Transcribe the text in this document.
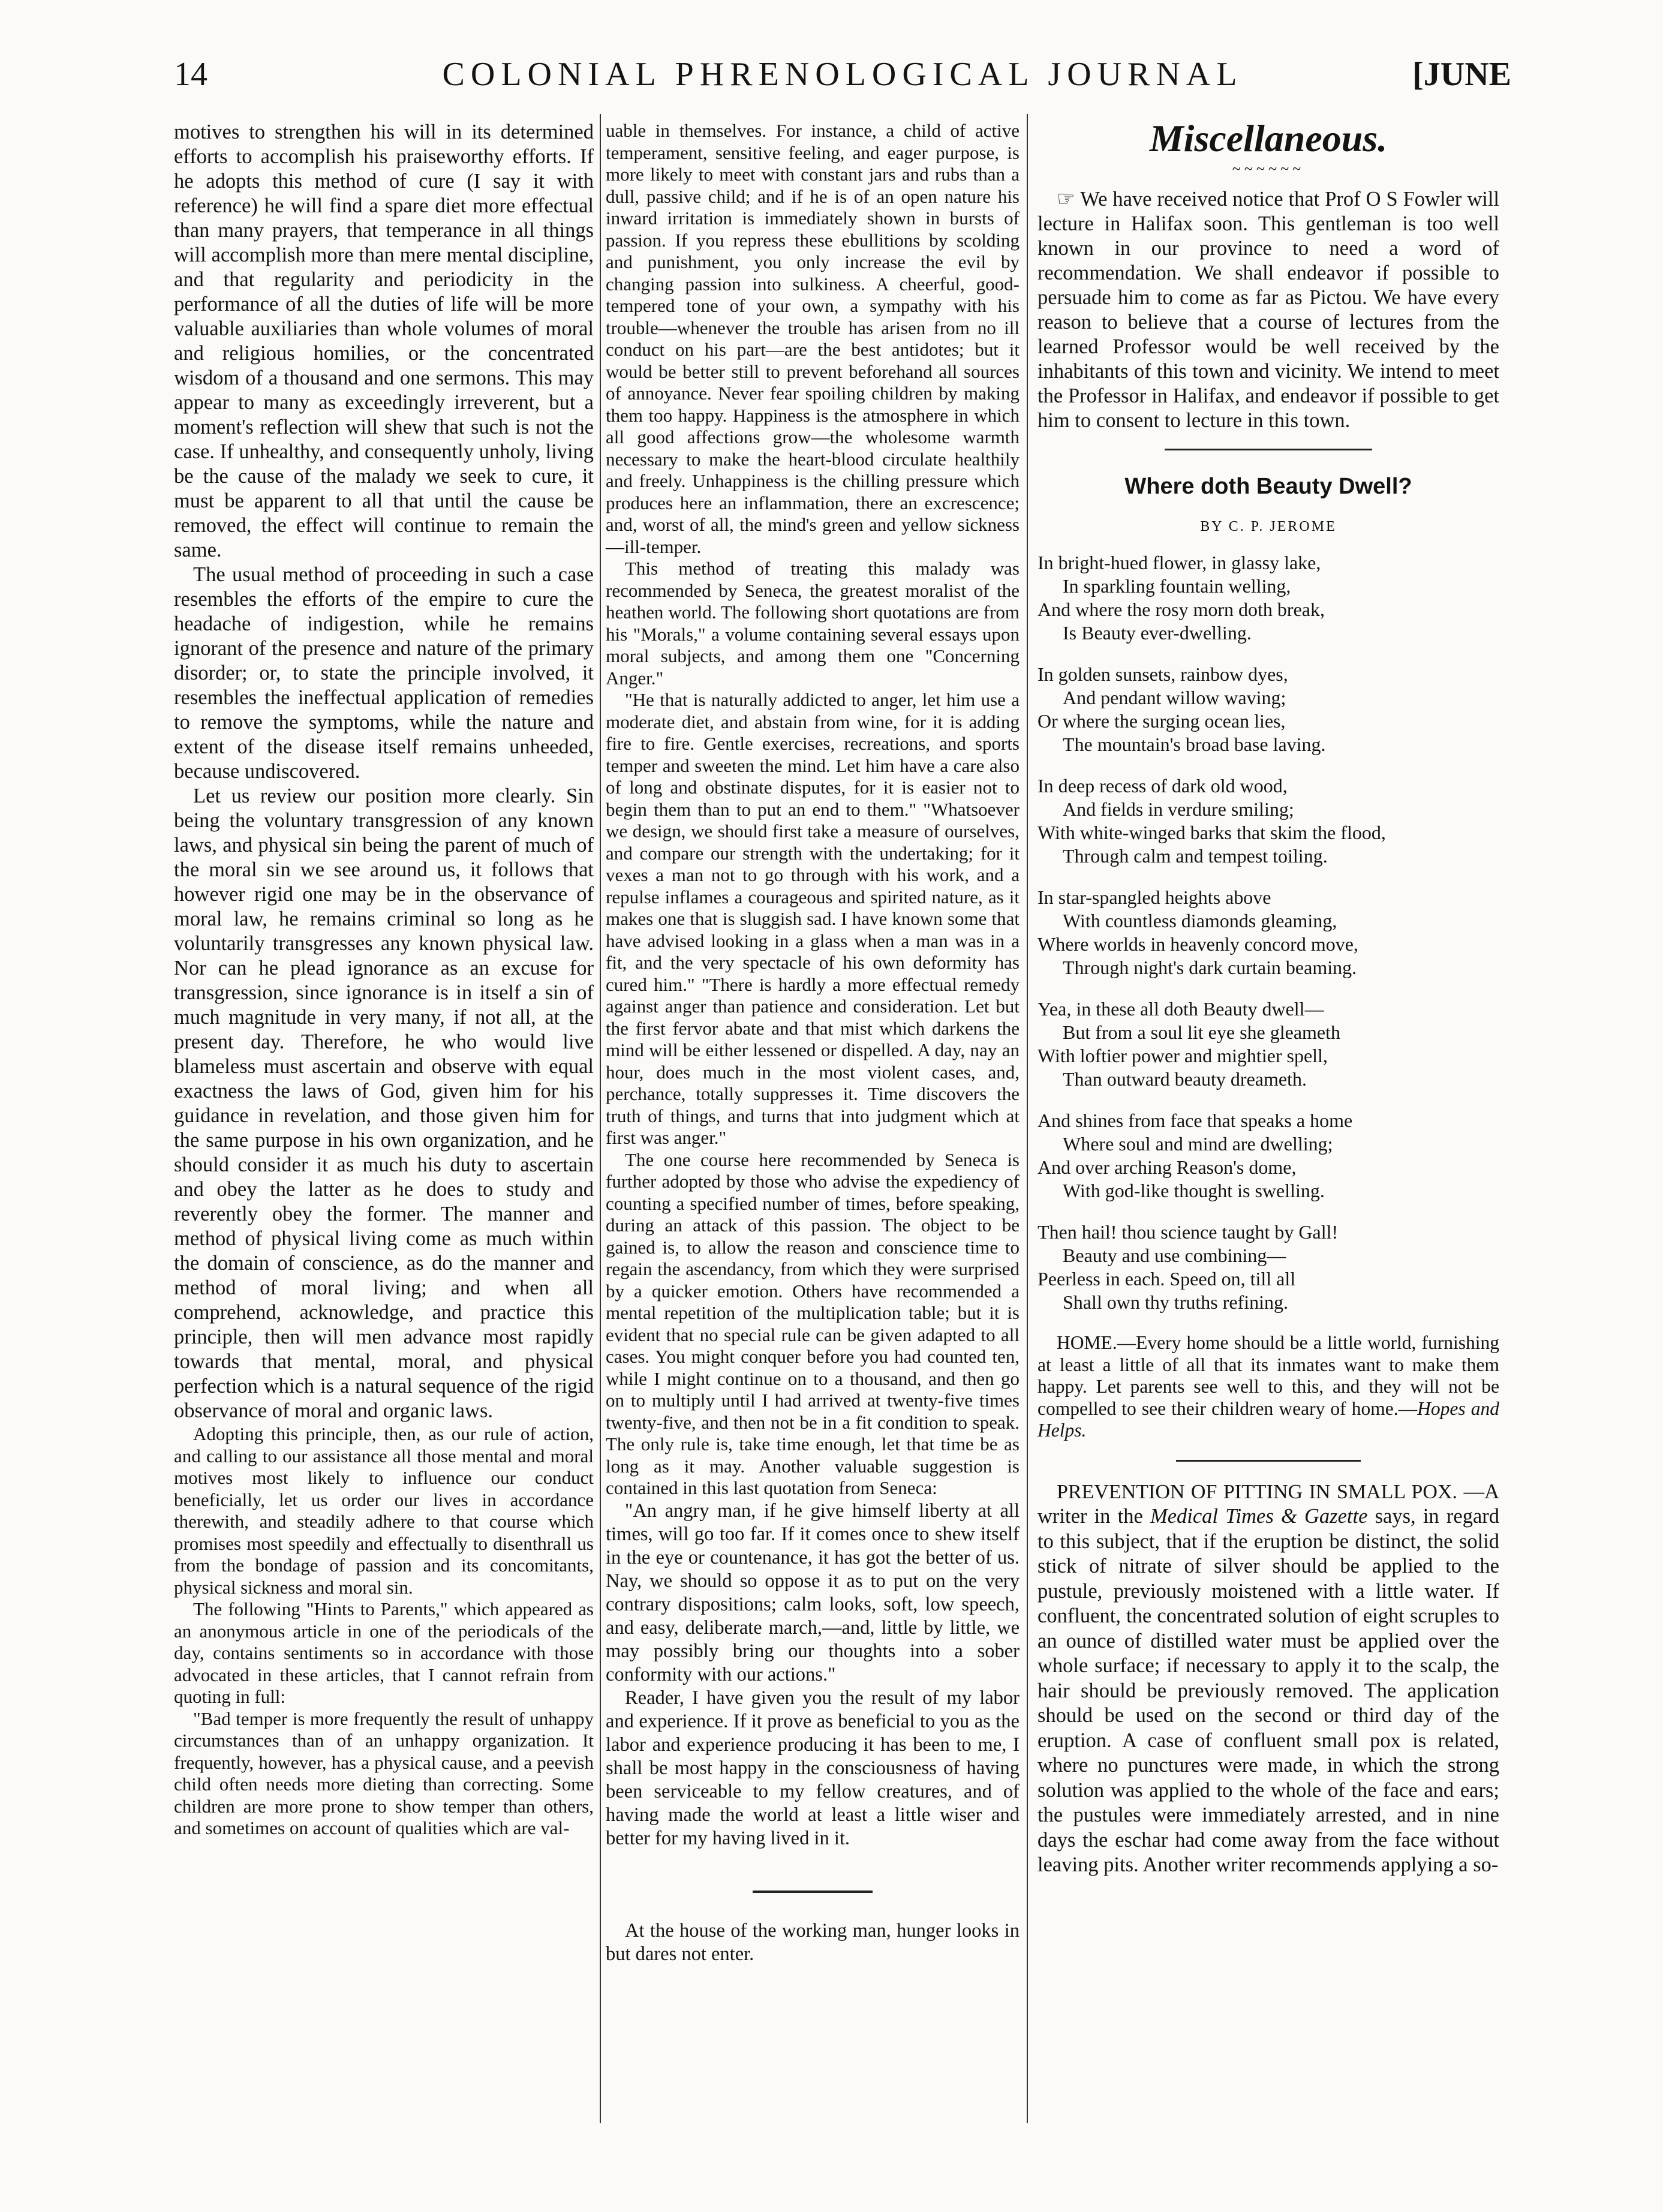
14	COLONIAL PHRENOLOGICAL JOURNAL	[JUNE

motives to strengthen his will in its determined efforts to accomplish his praiseworthy efforts. If he adopts this method of cure (I say it with reference) he will find a spare diet more effectual than many prayers, that temperance in all things will accomplish more than mere mental discipline, and that regularity and periodicity in the performance of all the duties of life will be more valuable auxiliaries than whole volumes of moral and religious homilies, or the concentrated wisdom of a thousand and one sermons. This may appear to many as exceedingly irreverent, but a moment's reflection will shew that such is not the case. If unhealthy, and consequently unholy, living be the cause of the malady we seek to cure, it must be apparent to all that until the cause be removed, the effect will continue to remain the same.

The usual method of proceeding in such a case resembles the efforts of the empire to cure the headache of indigestion, while he remains ignorant of the presence and nature of the primary disorder; or, to state the principle involved, it resembles the ineffectual application of remedies to remove the symptoms, while the nature and extent of the disease itself remains unheeded, because undiscovered.

Let us review our position more clearly. Sin being the voluntary transgression of any known laws, and physical sin being the parent of much of the moral sin we see around us, it follows that however rigid one may be in the observance of moral law, he remains criminal so long as he voluntarily transgresses any known physical law. Nor can he plead ignorance as an excuse for transgression, since ignorance is in itself a sin of much magnitude in very many, if not all, at the present day. Therefore, he who would live blameless must ascertain and observe with equal exactness the laws of God, given him for his guidance in revelation, and those given him for the same purpose in his own organization, and he should consider it as much his duty to ascertain and obey the latter as he does to study and reverently obey the former. The manner and method of physical living come as much within the domain of conscience, as do the manner and method of moral living; and when all comprehend, acknowledge, and practice this principle, then will men advance most rapidly towards that mental, moral, and physical perfection which is a natural sequence of the rigid observance of moral and organic laws.

Adopting this principle, then, as our rule of action, and calling to our assistance all those mental and moral motives most likely to influence our conduct beneficially, let us order our lives in accordance therewith, and steadily adhere to that course which promises most speedily and effectually to disenthrall us from the bondage of passion and its concomitants, physical sickness and moral sin.

The following "Hints to Parents," which appeared as an anonymous article in one of the periodicals of the day, contains sentiments so in accordance with those advocated in these articles, that I cannot refrain from quoting in full:

"Bad temper is more frequently the result of unhappy circumstances than of an unhappy organization. It frequently, however, has a physical cause, and a peevish child often needs more dieting than correcting. Some children are more prone to show temper than others, and sometimes on account of qualities which are val-

uable in themselves. For instance, a child of active temperament, sensitive feeling, and eager purpose, is more likely to meet with constant jars and rubs than a dull, passive child; and if he is of an open nature his inward irritation is immediately shown in bursts of passion. If you repress these ebullitions by scolding and punishment, you only increase the evil by changing passion into sulkiness. A cheerful, good-tempered tone of your own, a sympathy with his trouble—whenever the trouble has arisen from no ill conduct on his part—are the best antidotes; but it would be better still to prevent beforehand all sources of annoyance. Never fear spoiling children by making them too happy. Happiness is the atmosphere in which all good affections grow—the wholesome warmth necessary to make the heart-blood circulate healthily and freely. Unhappiness is the chilling pressure which produces here an inflammation, there an excrescence; and, worst of all, the mind's green and yellow sickness—ill-temper.

This method of treating this malady was recommended by Seneca, the greatest moralist of the heathen world. The following short quotations are from his "Morals," a volume containing several essays upon moral subjects, and among them one "Concerning Anger."

"He that is naturally addicted to anger, let him use a moderate diet, and abstain from wine, for it is adding fire to fire. Gentle exercises, recreations, and sports temper and sweeten the mind. Let him have a care also of long and obstinate disputes, for it is easier not to begin them than to put an end to them." "Whatsoever we design, we should first take a measure of ourselves, and compare our strength with the undertaking; for it vexes a man not to go through with his work, and a repulse inflames a courageous and spirited nature, as it makes one that is sluggish sad. I have known some that have advised looking in a glass when a man was in a fit, and the very spectacle of his own deformity has cured him." "There is hardly a more effectual remedy against anger than patience and consideration. Let but the first fervor abate and that mist which darkens the mind will be either lessened or dispelled. A day, nay an hour, does much in the most violent cases, and, perchance, totally suppresses it. Time discovers the truth of things, and turns that into judgment which at first was anger."

The one course here recommended by Seneca is further adopted by those who advise the expediency of counting a specified number of times, before speaking, during an attack of this passion. The object to be gained is, to allow the reason and conscience time to regain the ascendancy, from which they were surprised by a quicker emotion. Others have recommended a mental repetition of the multiplication table; but it is evident that no special rule can be given adapted to all cases. You might conquer before you had counted ten, while I might continue on to a thousand, and then go on to multiply until I had arrived at twenty-five times twenty-five, and then not be in a fit condition to speak. The only rule is, take time enough, let that time be as long as it may. Another valuable suggestion is contained in this last quotation from Seneca:

"An angry man, if he give himself liberty at all times, will go too far. If it comes once to shew itself in the eye or countenance, it has got the better of us. Nay, we should so oppose it as to put on the very contrary dispositions; calm looks, soft, low speech, and easy, deliberate march,—and, little by little, we may possibly bring our thoughts into a sober conformity with our actions."

Reader, I have given you the result of my labor and experience. If it prove as beneficial to you as the labor and experience producing it has been to me, I shall be most happy in the consciousness of having been serviceable to my fellow creatures, and of having made the world at least a little wiser and better for my having lived in it.

At the house of the working man, hunger looks in but dares not enter.

Miscellaneous.
~~~~~~

☞ We have received notice that Prof O S Fowler will lecture in Halifax soon. This gentleman is too well known in our province to need a word of recommendation. We shall endeavor if possible to persuade him to come as far as Pictou. We have every reason to believe that a course of lectures from the learned Professor would be well received by the inhabitants of this town and vicinity. We intend to meet the Professor in Halifax, and endeavor if possible to get him to consent to lecture in this town.

Where doth Beauty Dwell?
BY C. P. JEROME
In bright-hued flower, in glassy lake,
In sparkling fountain welling,
And where the rosy morn doth break,
Is Beauty ever-dwelling.
In golden sunsets, rainbow dyes,
And pendant willow waving;
Or where the surging ocean lies,
The mountain's broad base laving.
In deep recess of dark old wood,
And fields in verdure smiling;
With white-winged barks that skim the flood,
Through calm and tempest toiling.
In star-spangled heights above
With countless diamonds gleaming,
Where worlds in heavenly concord move,
Through night's dark curtain beaming.
Yea, in these all doth Beauty dwell—
But from a soul lit eye she gleameth
With loftier power and mightier spell,
Than outward beauty dreameth.
And shines from face that speaks a home
Where soul and mind are dwelling;
And over arching Reason's dome,
With god-like thought is swelling.
Then hail! thou science taught by Gall!
Beauty and use combining—
Peerless in each. Speed on, till all
Shall own thy truths refining.

HOME.—Every home should be a little world, furnishing at least a little of all that its inmates want to make them happy. Let parents see well to this, and they will not be compelled to see their children weary of home.—Hopes and Helps.

PREVENTION OF PITTING IN SMALL POX. —A writer in the Medical Times & Gazette says, in regard to this subject, that if the eruption be distinct, the solid stick of nitrate of silver should be applied to the pustule, previously moistened with a little water. If confluent, the concentrated solution of eight scruples to an ounce of distilled water must be applied over the whole surface; if necessary to apply it to the scalp, the hair should be previously removed. The application should be used on the second or third day of the eruption. A case of confluent small pox is related, where no punctures were made, in which the strong solution was applied to the whole of the face and ears; the pustules were immediately arrested, and in nine days the eschar had come away from the face without leaving pits. Another writer recommends applying a so-
